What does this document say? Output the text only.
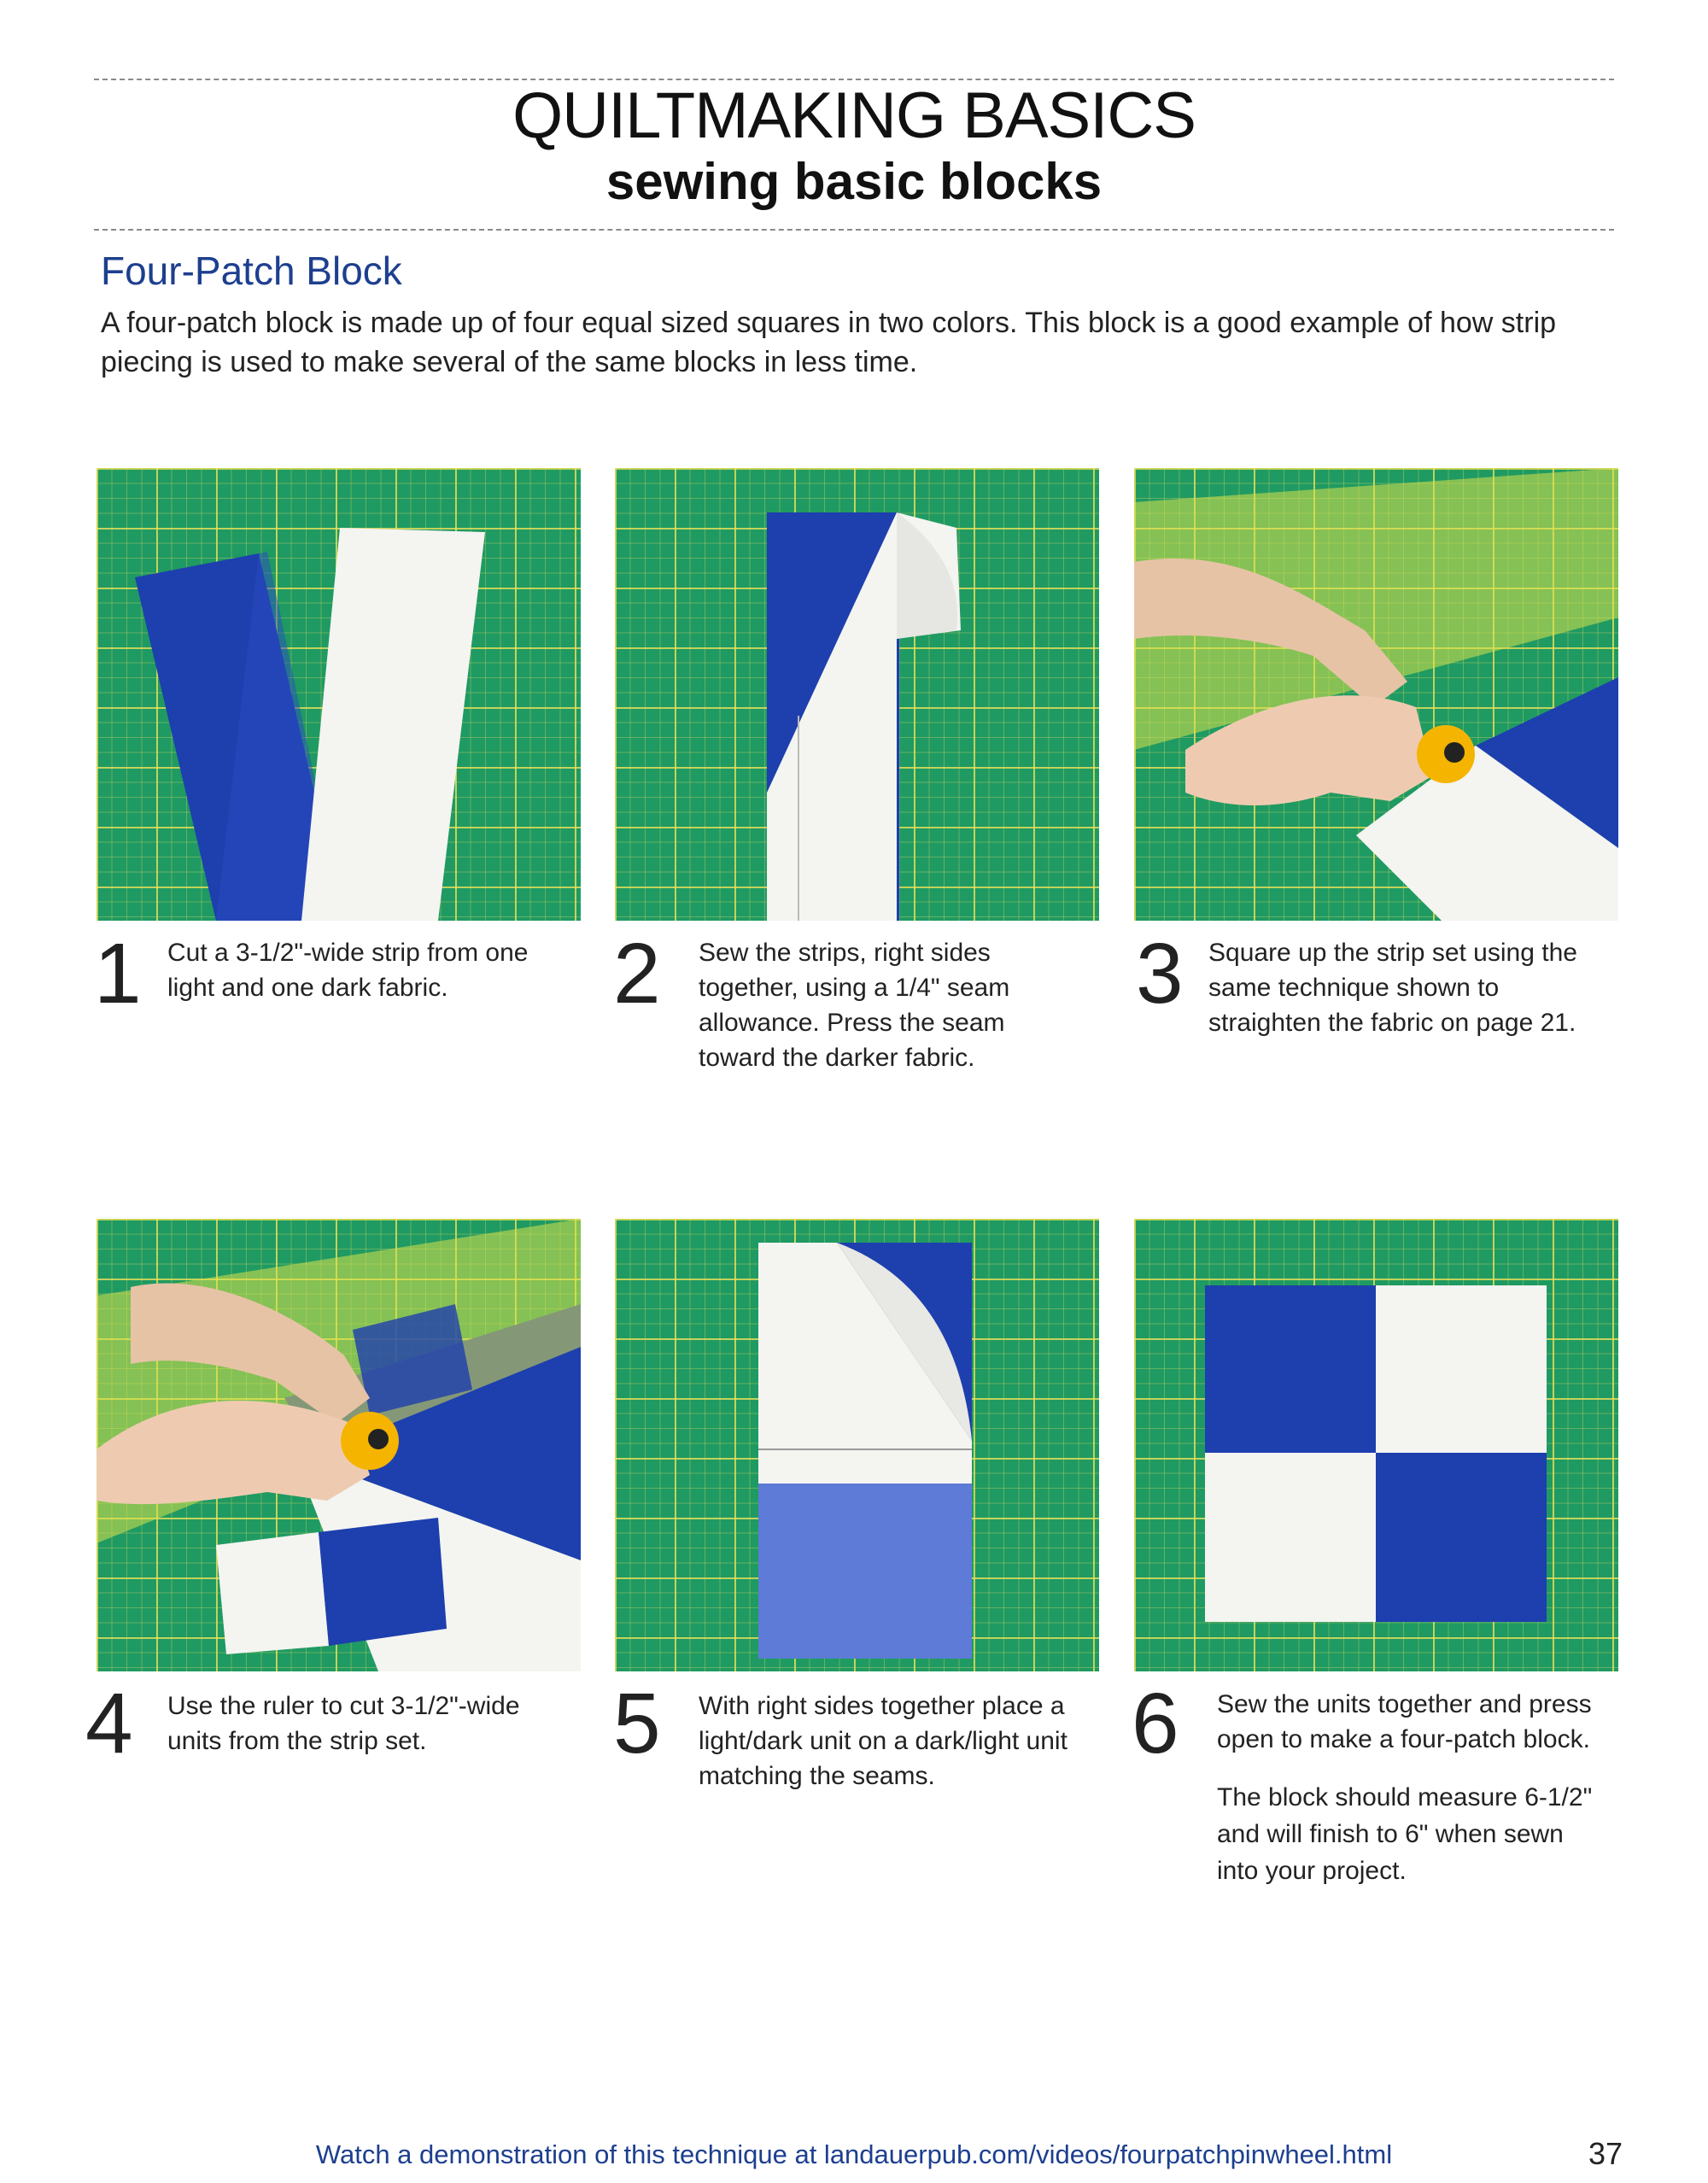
QUILTMAKING BASICS
sewing basic blocks
Four-Patch Block
A four-patch block is made up of four equal sized squares in two colors. This block is a good example of how strip piecing is used to make several of the same blocks in less time.
1 Cut a 3-1/2"-wide strip from one light and one dark fabric.	2 Sew the strips, right sides together, using a 1/4" seam allowance. Press the seam toward the darker fabric.
3 Square up the strip set using the same technique shown to straighten the fabric on page 21.
4 Use the ruler to cut 3-1/2"-wide units from the strip set.	5 With right sides together place a light/dark unit on a dark/light unit matching the seams.
6 Sew the units together and press open to make a four-patch block.
The block should measure 6-1/2" and will finish to 6" when sewn into your project.
Watch a demonstration of this technique at landauerpub.com/videos/fourpatchpinwheel.html	37
